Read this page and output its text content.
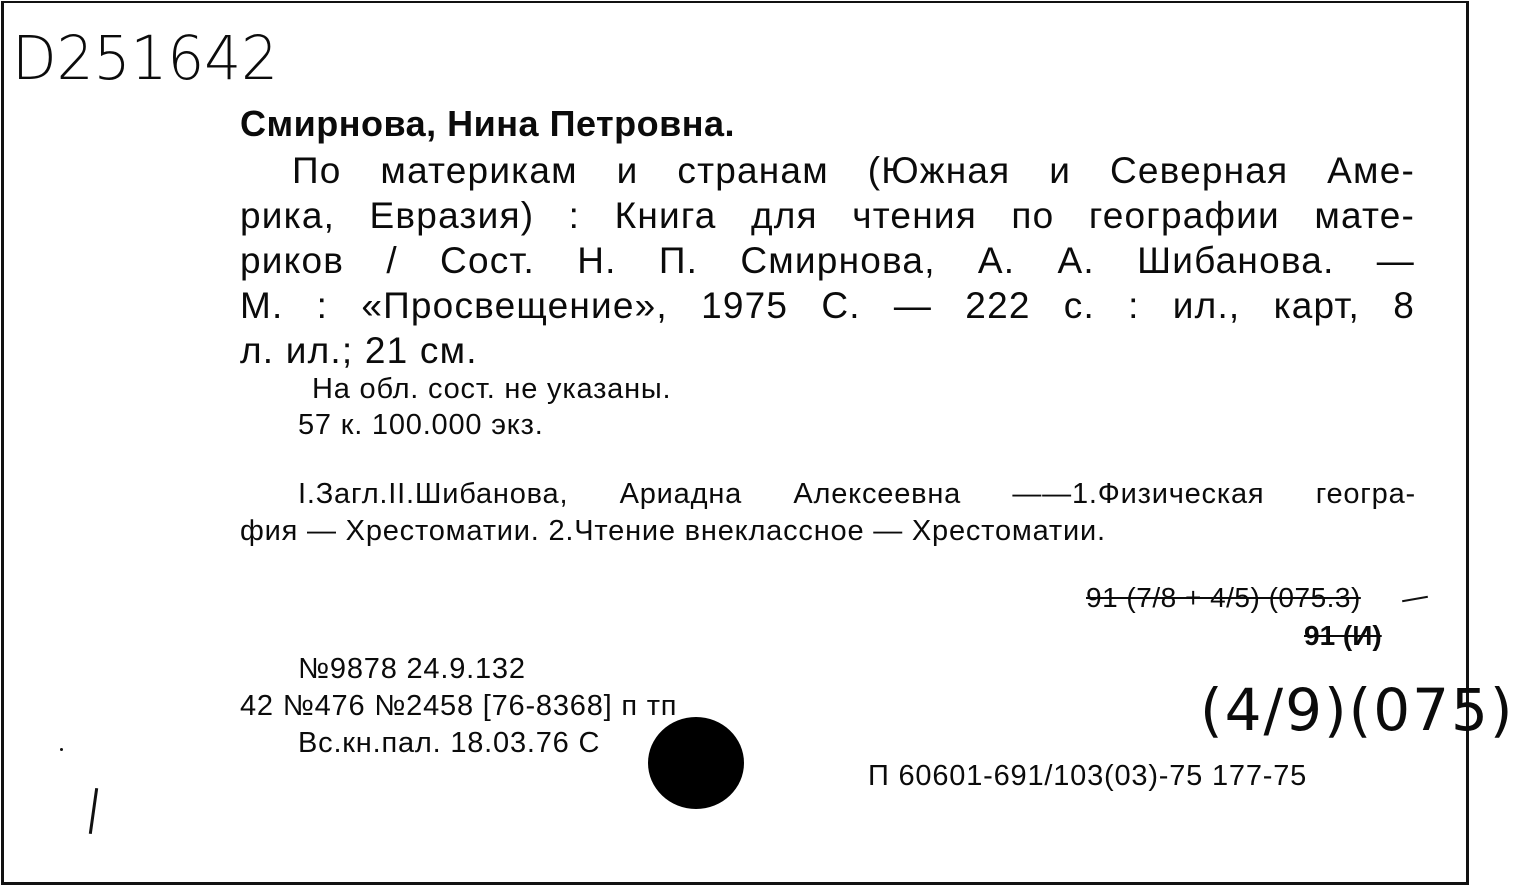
D251642
Смирнова, Нина Петровна.
По материкам и странам (Южная и Северная Аме-
рика, Евразия) : Книга для чтения по географии мате-
риков / Сост. Н. П. Смирнова, А. А. Шибанова. —
М. : «Просвещение», 1975 С. — 222 с. : ил., карт, 8
л. ил.; 21 см.
На обл. сост. не указаны.
57 к. 100.000 экз.
I.Загл.II.Шибанова, Ариадна Алексеевна ——1.Физическая геогра-
фия — Хрестоматии. 2.Чтение внеклассное — Хрестоматии.
91 (7/8 + 4/5) (075.3)
91 (И)
№9878 24.9.132
42 №476 №2458 [76-8368] п тп
Вс.кн.пал. 18.03.76 С	(4/9)(075)
П 60601-691/103(03)-75 177-75
